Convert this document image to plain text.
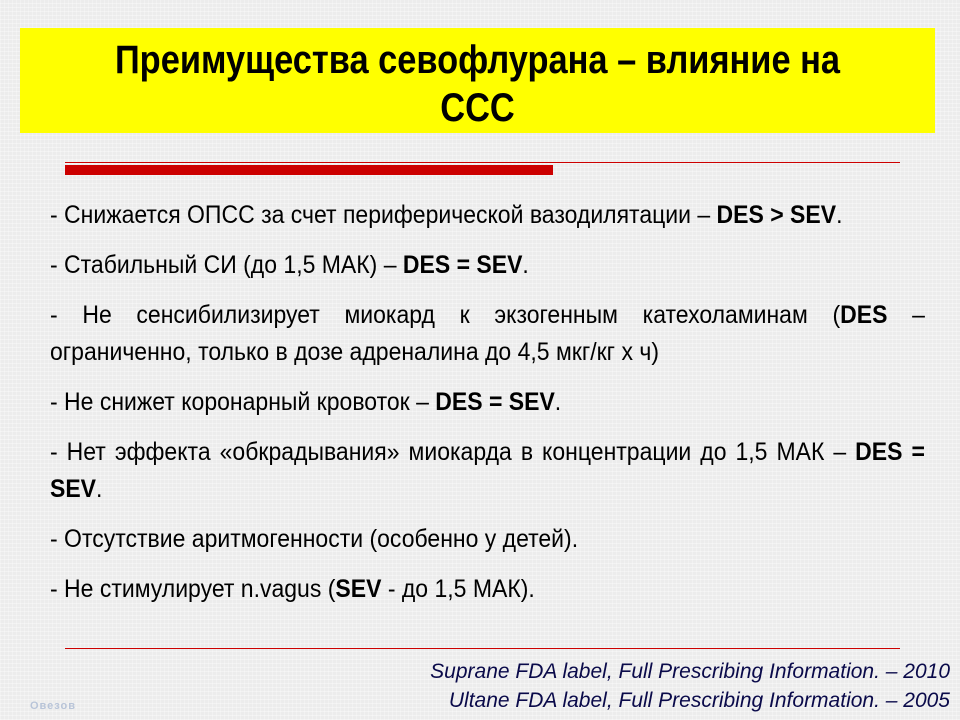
Преимущества севофлурана – влияние на ССС
- Снижается ОПСС за счет периферической вазодилятации – DES > SEV.
- Стабильный СИ (до 1,5 МАК) – DES = SEV.
- Не сенсибилизирует миокард к экзогенным катехоламинам (DES – ограниченно, только в дозе адреналина до 4,5 мкг/кг х ч)
- Не снижет коронарный кровоток – DES = SEV.
- Нет эффекта «обкрадывания» миокарда в концентрации до 1,5 МАК – DES = SEV.
- Отсутствие аритмогенности (особенно у детей).
- Не стимулирует n.vagus (SEV - до 1,5 МАК).
Suprane FDA label, Full Prescribing Information. – 2010
Ultane FDA label, Full Prescribing Information. – 2005
Овезов
